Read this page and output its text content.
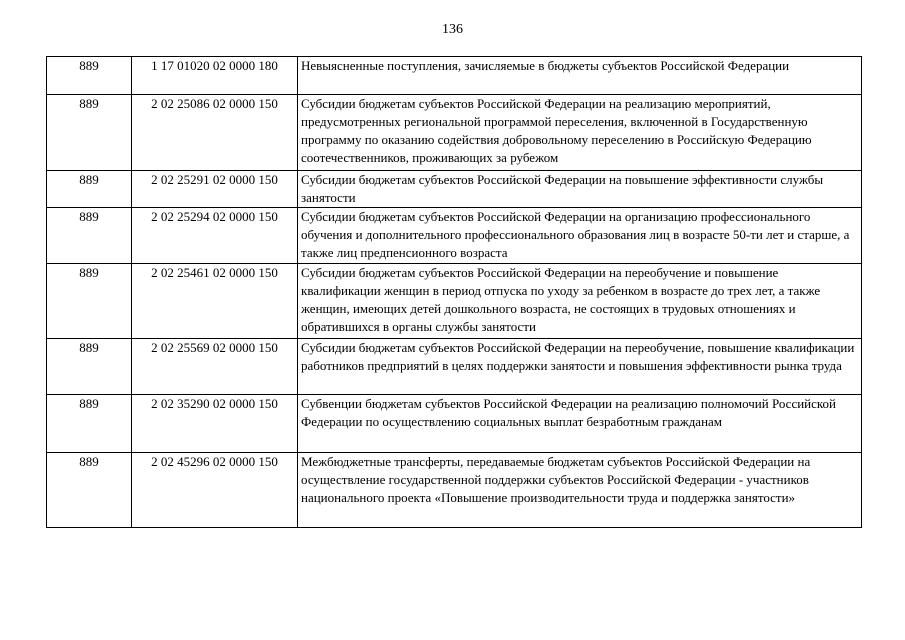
136
889	1 17 01020 02 0000 180	Невыясненные поступления, зачисляемые в бюджеты субъектов Российской Федерации
889	2 02 25086 02 0000 150	Субсидии бюджетам субъектов Российской Федерации на реализацию мероприятий, предусмотренных региональной программой переселения, включенной в Государственную программу по оказанию содействия добровольному переселению в Российскую Федерацию соотечественников, проживающих за рубежом
889	2 02 25291 02 0000 150	Субсидии бюджетам субъектов Российской Федерации на повышение эффективности службы занятости
889	2 02 25294 02 0000 150	Субсидии бюджетам субъектов Российской Федерации на организацию профессионального обучения и дополнительного профессионального образования лиц в возрасте 50-ти лет и старше, а также лиц предпенсионного возраста
889	2 02 25461 02 0000 150	Субсидии бюджетам субъектов Российской Федерации на переобучение и повышение квалификации женщин в период отпуска по уходу за ребенком в возрасте до трех лет, а также женщин, имеющих детей дошкольного возраста, не состоящих в трудовых отношениях и обратившихся в органы службы занятости
889	2 02 25569 02 0000 150	Субсидии бюджетам субъектов Российской Федерации на переобучение, повышение квалификации работников предприятий в целях поддержки занятости и повышения эффективности рынка труда
889	2 02 35290 02 0000 150	Субвенции бюджетам субъектов Российской Федерации на реализацию полномочий Российской Федерации по осуществлению социальных выплат безработным гражданам
889	2 02 45296 02 0000 150	Межбюджетные трансферты, передаваемые бюджетам субъектов Российской Федерации на осуществление государственной поддержки субъектов Российской Федерации - участников национального проекта «Повышение производительности труда и поддержка занятости»
